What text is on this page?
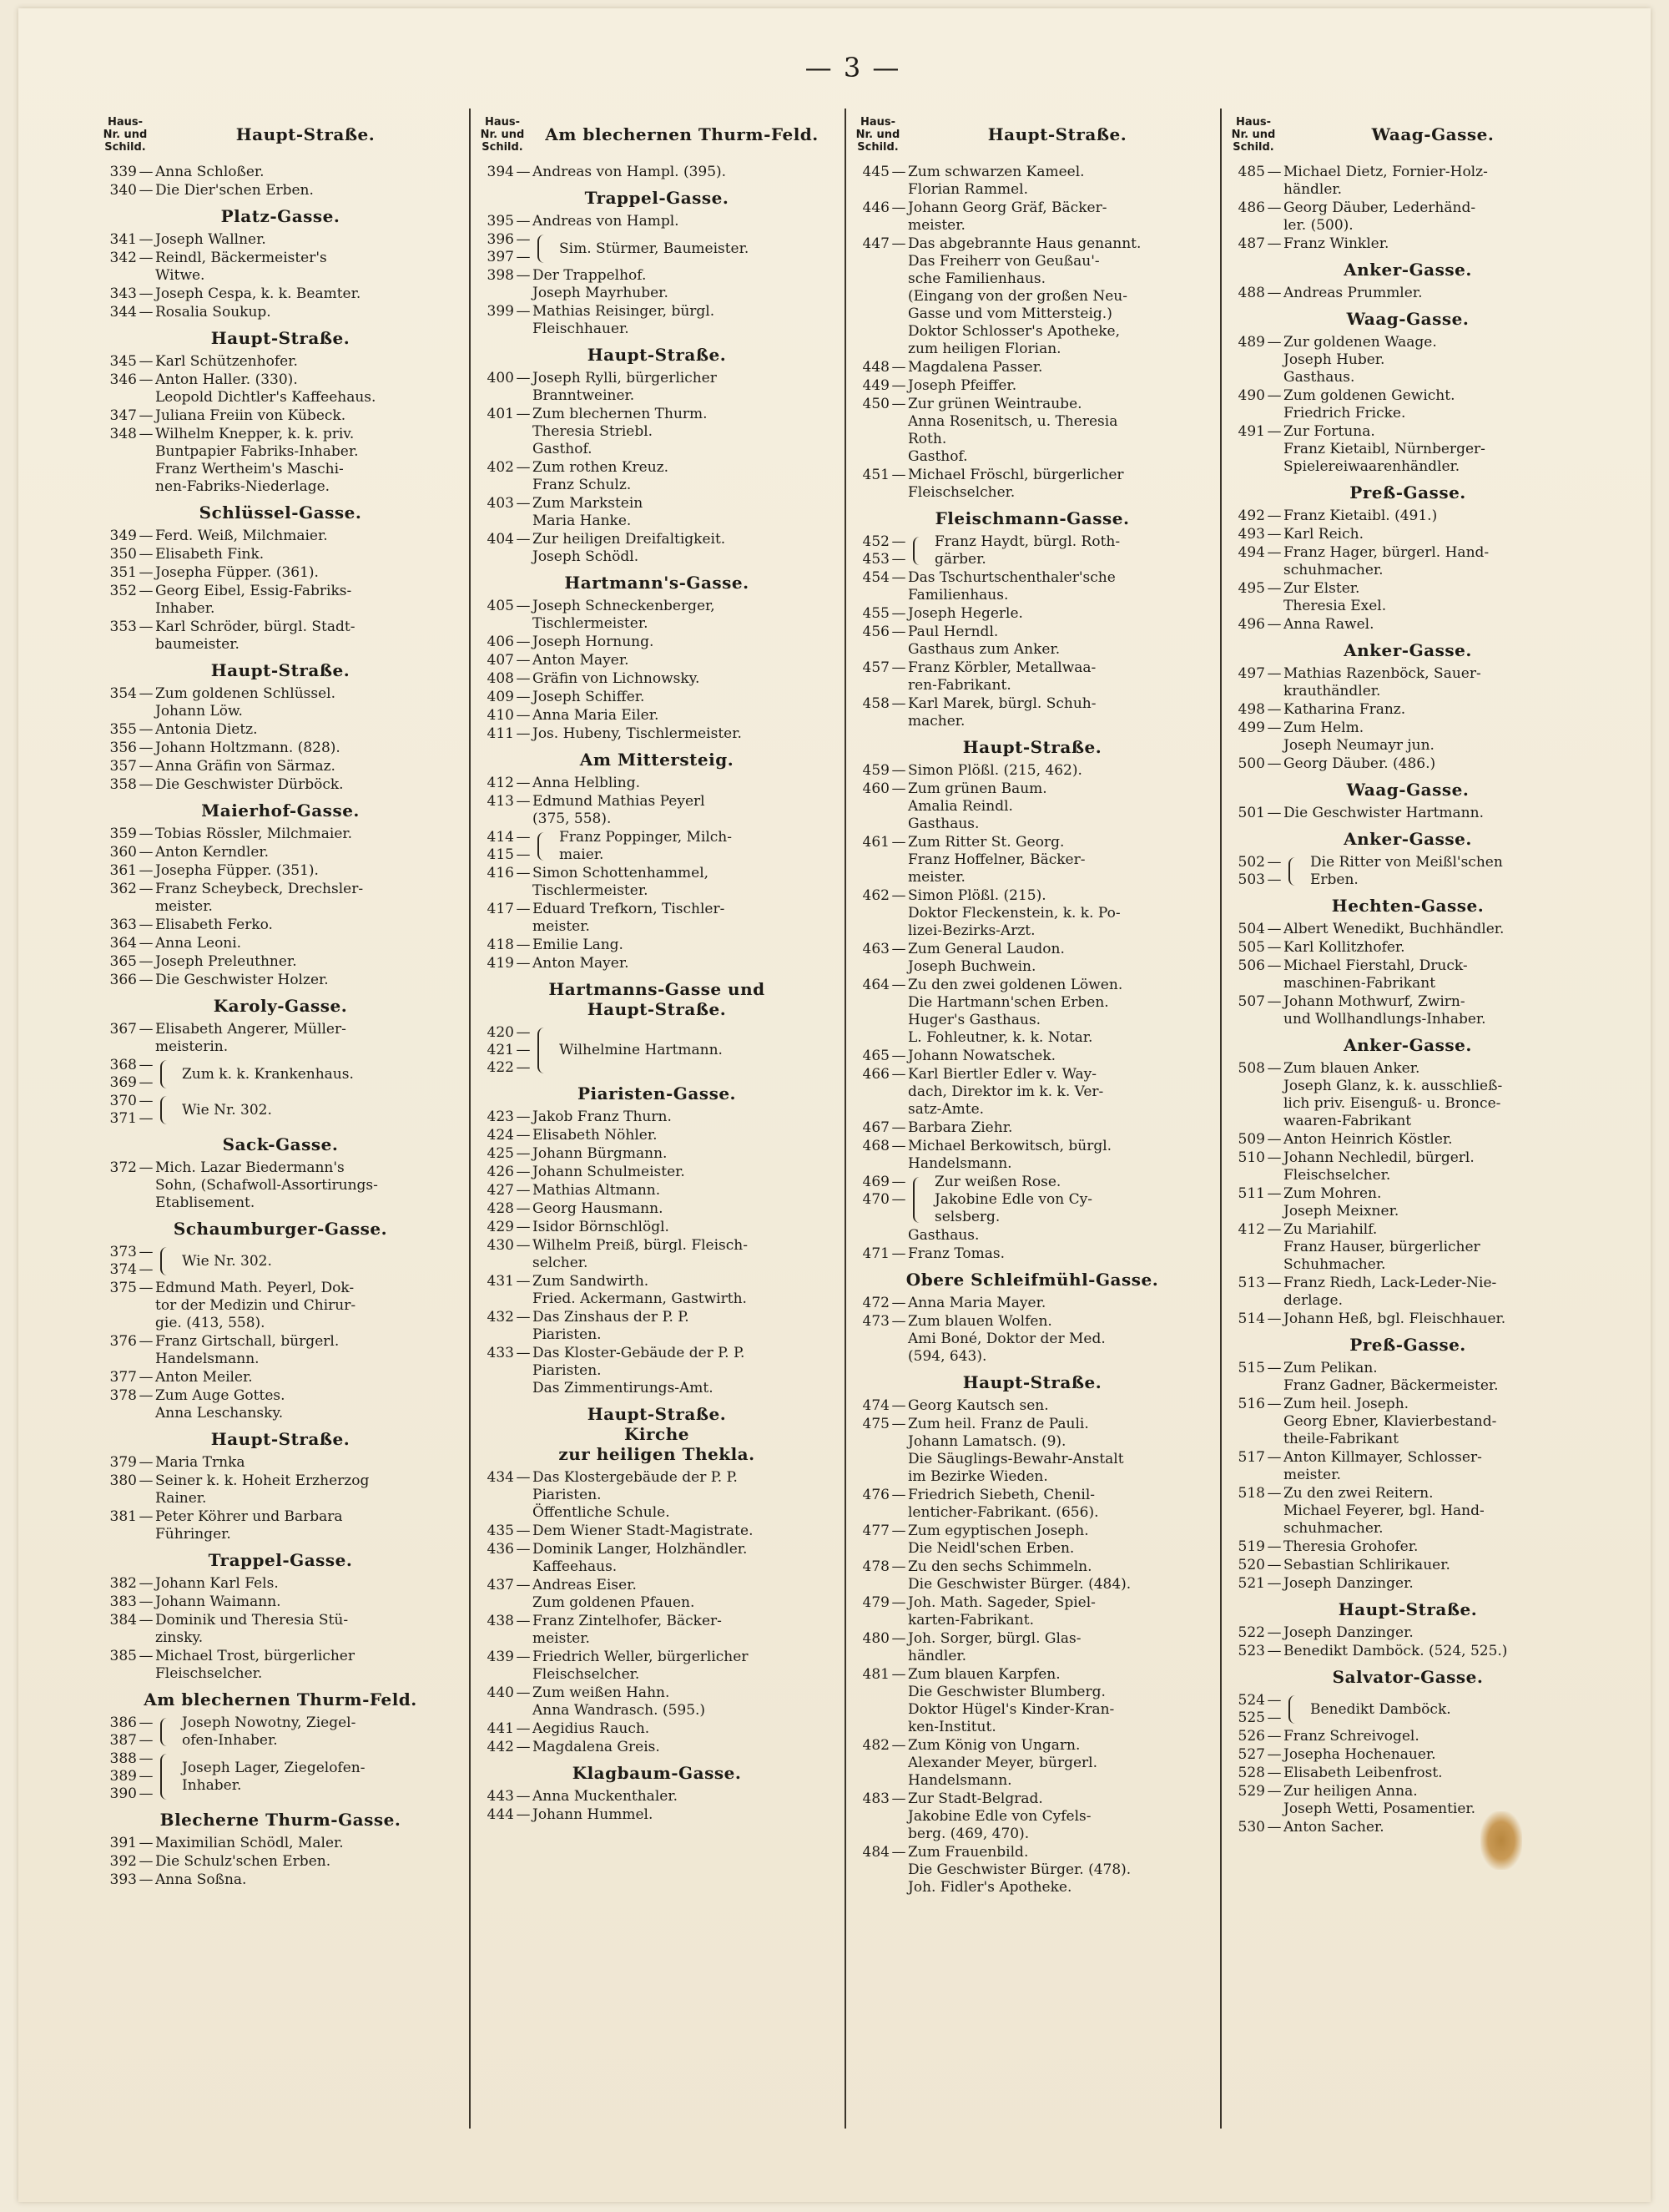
— 3 —
Haus-Nr. und Schild.
Haupt-Straße.
339 — Anna Schloßer.
340 — Die Dier'schen Erben.
Platz-Gasse.
341 — Joseph Wallner.
342 — Reindl, Bäckermeister's
Witwe.
343 — Joseph Cespa, k. k. Beamter.
344 — Rosalia Soukup.
Haupt-Straße.
345 — Karl Schützenhofer.
346 — Anton Haller. (330).
Leopold Dichtler's Kaffeehaus.
347 — Juliana Freiin von Kübeck.
348 — Wilhelm Knepper, k. k. priv.
Buntpapier Fabriks-Inhaber.
Franz Wertheim's Maschi-
nen-Fabriks-Niederlage.
Schlüssel-Gasse.
349 — Ferd. Weiß, Milchmaier.
350 — Elisabeth Fink.
351 — Josepha Füpper. (361).
352 — Georg Eibel, Essig-Fabriks-
Inhaber.
353 — Karl Schröder, bürgl. Stadt-
baumeister.
Haupt-Straße.
354 — Zum goldenen Schlüssel.
Johann Löw.
355 — Antonia Dietz.
356 — Johann Holtzmann. (828).
357 — Anna Gräfin von Särmaz.
358 — Die Geschwister Dürböck.
Maierhof-Gasse.
359 — Tobias Rössler, Milchmaier.
360 — Anton Kerndler.
361 — Josepha Füpper. (351).
362 — Franz Scheybeck, Drechsler-
meister.
363 — Elisabeth Ferko.
364 — Anna Leoni.
365 — Joseph Preleuthner.
366 — Die Geschwister Holzer.
Karoly-Gasse.
367 — Elisabeth Angerer, Müller-
meisterin.
368 —
369 —
Zum k. k. Krankenhaus.
370 —
371 —
Wie Nr. 302.
Sack-Gasse.
372 — Mich. Lazar Biedermann's
Sohn, (Schafwoll-Assortirungs-
Etablisement.
Schaumburger-Gasse.
373 —
374 —
Wie Nr. 302.
375 — Edmund Math. Peyerl, Dok-
tor der Medizin und Chirur-
gie. (413, 558).
376 — Franz Girtschall, bürgerl.
Handelsmann.
377 — Anton Meiler.
378 — Zum Auge Gottes.
Anna Leschansky.
Haupt-Straße.
379 — Maria Trnka
380 — Seiner k. k. Hoheit Erzherzog
Rainer.
381 — Peter Köhrer und Barbara
Führinger.
Trappel-Gasse.
382 — Johann Karl Fels.
383 — Johann Waimann.
384 — Dominik und Theresia Stü-
zinsky.
385 — Michael Trost, bürgerlicher
Fleischselcher.
Am blechernen Thurm-Feld.
386 —
387 —
Joseph Nowotny, Ziegel-
ofen-Inhaber.
388 —
389 —
390 —
Joseph Lager, Ziegelofen-
Inhaber.
Blecherne Thurm-Gasse.
391 — Maximilian Schödl, Maler.
392 — Die Schulz'schen Erben.
393 — Anna Soßna.
Haus-Nr. und Schild.
Am blechernen Thurm-Feld.
394 — Andreas von Hampl. (395).
Trappel-Gasse.
395 — Andreas von Hampl.
396 —
397 —
Sim. Stürmer, Baumeister.
398 — Der Trappelhof.
Joseph Mayrhuber.
399 — Mathias Reisinger, bürgl.
Fleischhauer.
Haupt-Straße.
400 — Joseph Rylli, bürgerlicher
Branntweiner.
401 — Zum blechernen Thurm.
Theresia Striebl.
Gasthof.
402 — Zum rothen Kreuz.
Franz Schulz.
403 — Zum Markstein
Maria Hanke.
404 — Zur heiligen Dreifaltigkeit.
Joseph Schödl.
Hartmann's-Gasse.
405 — Joseph Schneckenberger,
Tischlermeister.
406 — Joseph Hornung.
407 — Anton Mayer.
408 — Gräfin von Lichnowsky.
409 — Joseph Schiffer.
410 — Anna Maria Eiler.
411 — Jos. Hubeny, Tischlermeister.
Am Mittersteig.
412 — Anna Helbling.
413 — Edmund Mathias Peyerl
(375, 558).
414 —
415 —
Franz Poppinger, Milch-
maier.
416 — Simon Schottenhammel,
Tischlermeister.
417 — Eduard Trefkorn, Tischler-
meister.
418 — Emilie Lang.
419 — Anton Mayer.
Hartmanns-Gasse und
Haupt-Straße.
420 —
421 —
422 —
Wilhelmine Hartmann.
Piaristen-Gasse.
423 — Jakob Franz Thurn.
424 — Elisabeth Nöhler.
425 — Johann Bürgmann.
426 — Johann Schulmeister.
427 — Mathias Altmann.
428 — Georg Hausmann.
429 — Isidor Börnschlögl.
430 — Wilhelm Preiß, bürgl. Fleisch-
selcher.
431 — Zum Sandwirth.
Fried. Ackermann, Gastwirth.
432 — Das Zinshaus der P. P.
Piaristen.
433 — Das Kloster-Gebäude der P. P.
Piaristen.
Das Zimmentirungs-Amt.
Haupt-Straße.
Kirche
zur heiligen Thekla.
434 — Das Klostergebäude der P. P.
Piaristen.
Öffentliche Schule.
435 — Dem Wiener Stadt-Magistrate.
436 — Dominik Langer, Holzhändler.
Kaffeehaus.
437 — Andreas Eiser.
Zum goldenen Pfauen.
438 — Franz Zintelhofer, Bäcker-
meister.
439 — Friedrich Weller, bürgerlicher
Fleischselcher.
440 — Zum weißen Hahn.
Anna Wandrasch. (595.)
441 — Aegidius Rauch.
442 — Magdalena Greis.
Klagbaum-Gasse.
443 — Anna Muckenthaler.
444 — Johann Hummel.
Haus-Nr. und Schild.
Haupt-Straße.
445 — Zum schwarzen Kameel.
Florian Rammel.
446 — Johann Georg Gräf, Bäcker-
meister.
447 — Das abgebrannte Haus genannt.
Das Freiherr von Geußau'-
sche Familienhaus.
(Eingang von der großen Neu-
Gasse und vom Mittersteig.)
Doktor Schlosser's Apotheke,
zum heiligen Florian.
448 — Magdalena Passer.
449 — Joseph Pfeiffer.
450 — Zur grünen Weintraube.
Anna Rosenitsch, u. Theresia
Roth.
Gasthof.
451 — Michael Fröschl, bürgerlicher
Fleischselcher.
Fleischmann-Gasse.
452 —
453 —
Franz Haydt, bürgl. Roth-
gärber.
454 — Das Tschurtschenthaler'sche
Familienhaus.
455 — Joseph Hegerle.
456 — Paul Herndl.
Gasthaus zum Anker.
457 — Franz Körbler, Metallwaa-
ren-Fabrikant.
458 — Karl Marek, bürgl. Schuh-
macher.
Haupt-Straße.
459 — Simon Plößl. (215, 462).
460 — Zum grünen Baum.
Amalia Reindl.
Gasthaus.
461 — Zum Ritter St. Georg.
Franz Hoffelner, Bäcker-
meister.
462 — Simon Plößl. (215).
Doktor Fleckenstein, k. k. Po-
lizei-Bezirks-Arzt.
463 — Zum General Laudon.
Joseph Buchwein.
464 — Zu den zwei goldenen Löwen.
Die Hartmann'schen Erben.
Huger's Gasthaus.
L. Fohleutner, k. k. Notar.
465 — Johann Nowatschek.
466 — Karl Biertler Edler v. Way-
dach, Direktor im k. k. Ver-
satz-Amte.
467 — Barbara Ziehr.
468 — Michael Berkowitsch, bürgl.
Handelsmann.
469 —
470 —
Zur weißen Rose.
Jakobine Edle von Cy-
selsberg.
Gasthaus.
471 — Franz Tomas.
Obere Schleifmühl-Gasse.
472 — Anna Maria Mayer.
473 — Zum blauen Wolfen.
Ami Boné, Doktor der Med.
(594, 643).
Haupt-Straße.
474 — Georg Kautsch sen.
475 — Zum heil. Franz de Pauli.
Johann Lamatsch. (9).
Die Säuglings-Bewahr-Anstalt
im Bezirke Wieden.
476 — Friedrich Siebeth, Chenil-
lenticher-Fabrikant. (656).
477 — Zum egyptischen Joseph.
Die Neidl'schen Erben.
478 — Zu den sechs Schimmeln.
Die Geschwister Bürger. (484).
479 — Joh. Math. Sageder, Spiel-
karten-Fabrikant.
480 — Joh. Sorger, bürgl. Glas-
händler.
481 — Zum blauen Karpfen.
Die Geschwister Blumberg.
Doktor Hügel's Kinder-Kran-
ken-Institut.
482 — Zum König von Ungarn.
Alexander Meyer, bürgerl.
Handelsmann.
483 — Zur Stadt-Belgrad.
Jakobine Edle von Cyfels-
berg. (469, 470).
484 — Zum Frauenbild.
Die Geschwister Bürger. (478).
Joh. Fidler's Apotheke.
Haus-Nr. und Schild.
Waag-Gasse.
485 — Michael Dietz, Fornier-Holz-
händler.
486 — Georg Däuber, Lederhänd-
ler. (500).
487 — Franz Winkler.
Anker-Gasse.
488 — Andreas Prummler.
Waag-Gasse.
489 — Zur goldenen Waage.
Joseph Huber.
Gasthaus.
490 — Zum goldenen Gewicht.
Friedrich Fricke.
491 — Zur Fortuna.
Franz Kietaibl, Nürnberger-
Spielereiwaarenhändler.
Preß-Gasse.
492 — Franz Kietaibl. (491.)
493 — Karl Reich.
494 — Franz Hager, bürgerl. Hand-
schuhmacher.
495 — Zur Elster.
Theresia Exel.
496 — Anna Rawel.
Anker-Gasse.
497 — Mathias Razenböck, Sauer-
krauthändler.
498 — Katharina Franz.
499 — Zum Helm.
Joseph Neumayr jun.
500 — Georg Däuber. (486.)
Waag-Gasse.
501 — Die Geschwister Hartmann.
Anker-Gasse.
502 —
503 —
Die Ritter von Meißl'schen
Erben.
Hechten-Gasse.
504 — Albert Wenedikt, Buchhändler.
505 — Karl Kollitzhofer.
506 — Michael Fierstahl, Druck-
maschinen-Fabrikant
507 — Johann Mothwurf, Zwirn-
und Wollhandlungs-Inhaber.
Anker-Gasse.
508 — Zum blauen Anker.
Joseph Glanz, k. k. ausschließ-
lich priv. Eisenguß- u. Bronce-
waaren-Fabrikant
509 — Anton Heinrich Köstler.
510 — Johann Nechledil, bürgerl.
Fleischselcher.
511 — Zum Mohren.
Joseph Meixner.
412 — Zu Mariahilf.
Franz Hauser, bürgerlicher
Schuhmacher.
513 — Franz Riedh, Lack-Leder-Nie-
derlage.
514 — Johann Heß, bgl. Fleischhauer.
Preß-Gasse.
515 — Zum Pelikan.
Franz Gadner, Bäckermeister.
516 — Zum heil. Joseph.
Georg Ebner, Klavierbestand-
theile-Fabrikant
517 — Anton Killmayer, Schlosser-
meister.
518 — Zu den zwei Reitern.
Michael Feyerer, bgl. Hand-
schuhmacher.
519 — Theresia Grohofer.
520 — Sebastian Schlirikauer.
521 — Joseph Danzinger.
Haupt-Straße.
522 — Joseph Danzinger.
523 — Benedikt Damböck. (524, 525.)
Salvator-Gasse.
524 —
525 —
Benedikt Damböck.
526 — Franz Schreivogel.
527 — Josepha Hochenauer.
528 — Elisabeth Leibenfrost.
529 — Zur heiligen Anna.
Joseph Wetti, Posamentier.
530 — Anton Sacher.
